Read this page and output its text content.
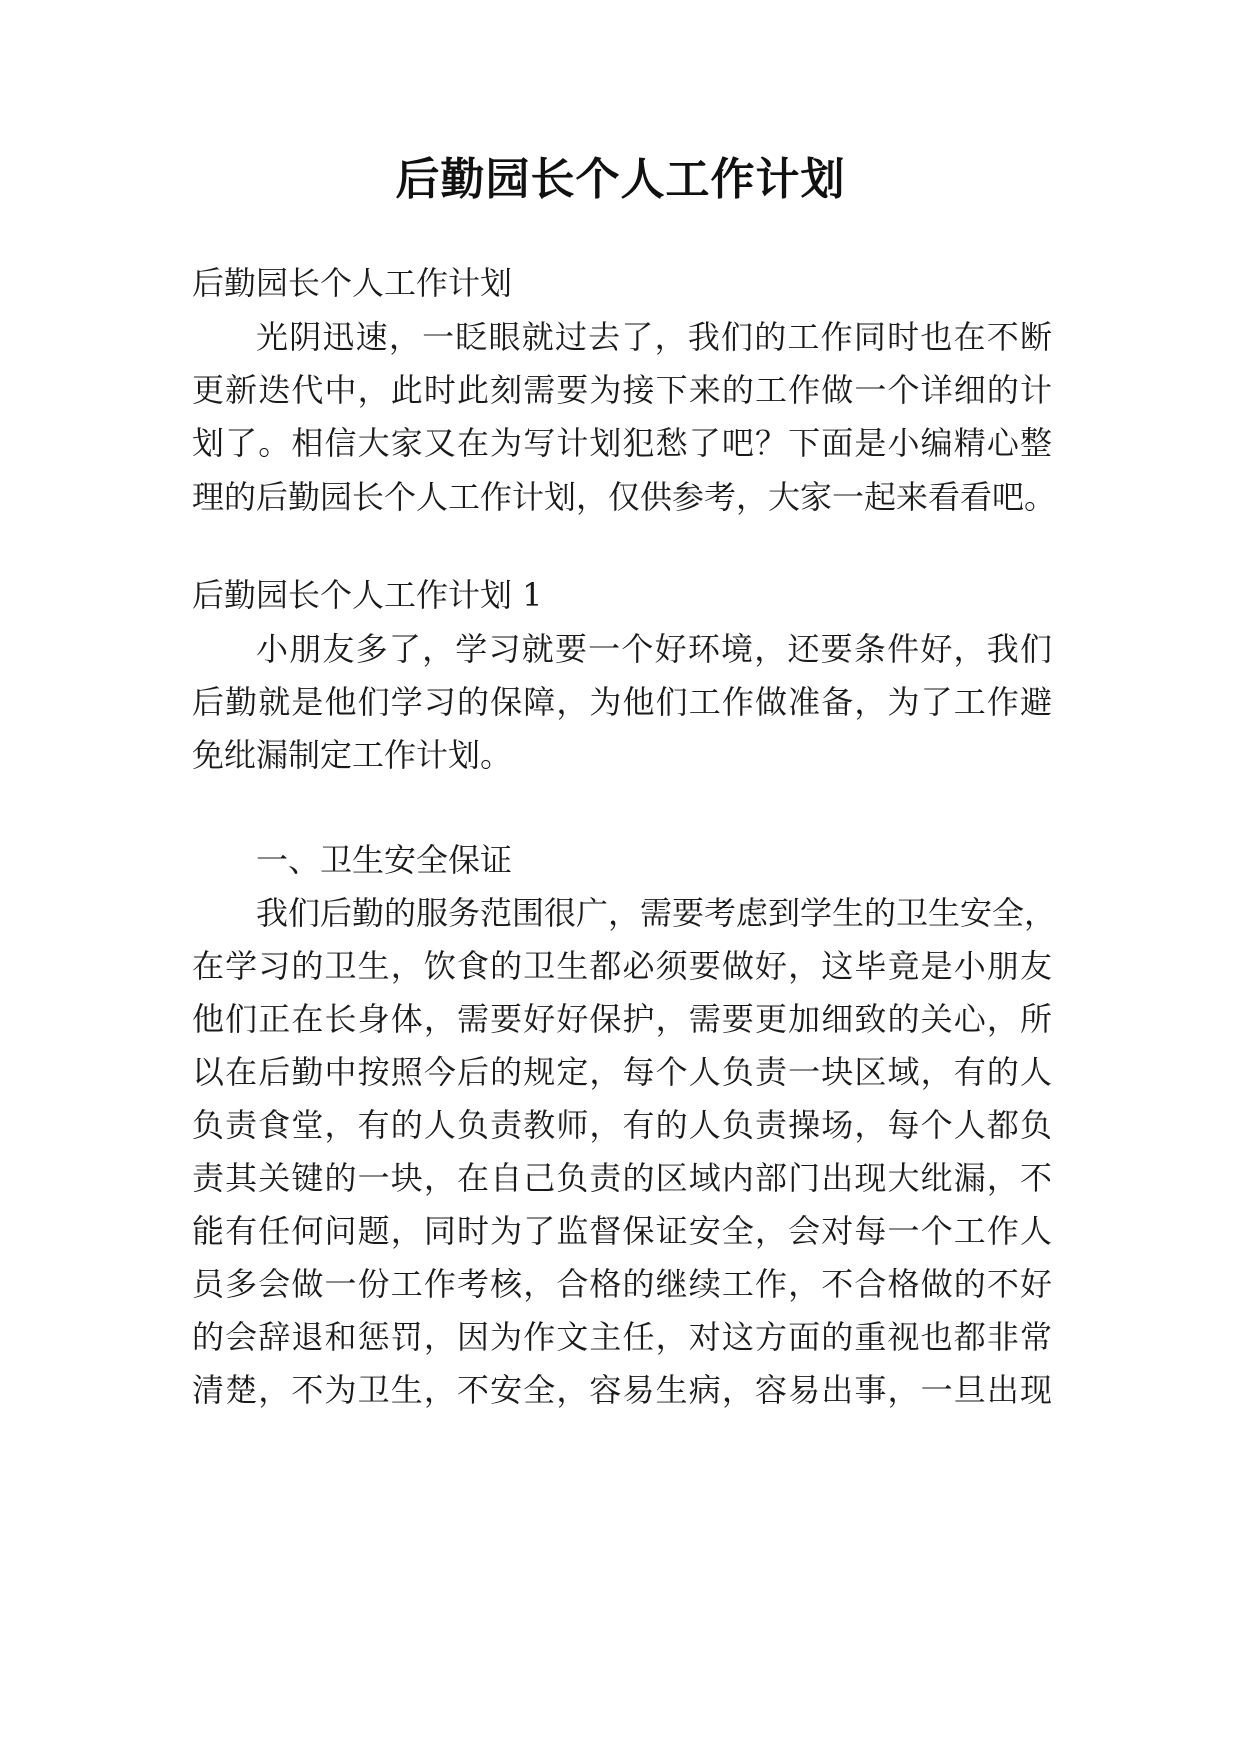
后勤园长个人工作计划
后勤园长个人工作计划
光阴迅速，一眨眼就过去了，我们的工作同时也在不断
更新迭代中，此时此刻需要为接下来的工作做一个详细的计
划了。相信大家又在为写计划犯愁了吧？下面是小编精心整
理的后勤园长个人工作计划，仅供参考，大家一起来看看吧。
后勤园长个人工作计划 1
小朋友多了，学习就要一个好环境，还要条件好，我们
后勤就是他们学习的保障，为他们工作做准备，为了工作避
免纰漏制定工作计划。
一、卫生安全保证
我们后勤的服务范围很广，需要考虑到学生的卫生安全，
在学习的卫生，饮食的卫生都必须要做好，这毕竟是小朋友
他们正在长身体，需要好好保护，需要更加细致的关心，所
以在后勤中按照今后的规定，每个人负责一块区域，有的人
负责食堂，有的人负责教师，有的人负责操场，每个人都负
责其关键的一块，在自己负责的区域内部门出现大纰漏，不
能有任何问题，同时为了监督保证安全，会对每一个工作人
员多会做一份工作考核，合格的继续工作，不合格做的不好
的会辞退和惩罚，因为作文主任，对这方面的重视也都非常
清楚，不为卫生，不安全，容易生病，容易出事，一旦出现
